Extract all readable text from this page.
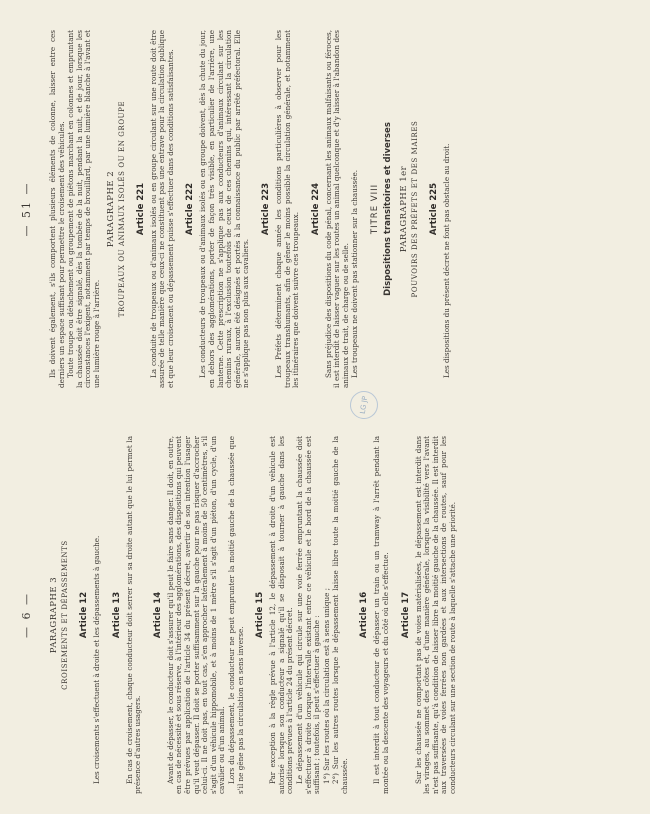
— 6 — PARAGRAPHE 3 CROISEMENTS ET DÉPASSEMENTS Article 12 Les croisements s'effectuent à droite et les dépassements à gauche. Article 13 En cas de croisement, chaque conducteur doit serrer sur sa droite autant que le lui permet la présence d'autres usagers.

Article 14 Avant de dépasser, le conducteur doit s'assurer qu'il peut le faire sans danger. Il doit, en outre, en cas de nécessité et sous réserve, à l'intérieur des agglomérations, des dispositions qui peuvent être prévues par application de l'article 34 du présent décret, avertir de son intention l'usager qu'il veut dépasser. Il doit se porter suffisamment sur la gauche pour ne pas risquer d'accrocher celui-ci. Il ne doit pas, en tout cas, s'en approcher latéralement à moins de 50 centimètres, s'il s'agit d'un véhicule hippomobile, et à moins de 1 mètre s'il s'agit d'un piéton, d'un cycle, d'un cavalier ou d'un animal. Lors du dépassement, le conducteur ne peut emprunter la moitié gauche de la chaussée que s'il ne gêne pas la circulation en sens inverse.

Article 15 Par exception à la règle prévue à l'article 12, le dépassement à droite d'un véhicule est autorisé lorsque son conducteur a signalé qu'il se disposait à tourner à gauche dans les conditions prévues à l'article 24 du présent décret. Le dépassement d'un véhicule qui circule sur une voie ferrée empruntant la chaussée doit s'effectuer à droite lorsque l'intervalle existant entre ce véhicule et le bord de la chaussée est suffisant ; toutefois, il peut s'effectuer à gauche : 1°) Sur les routes où la circulation est à sens unique ; 2°) Sur les autres routes lorsque le dépassement laisse libre toute la moitié gauche de la chaussée.

Article 16 Il est interdit à tout conducteur de dépasser un train ou un tramway à l'arrêt pendant la montée ou la descente des voyageurs et du côté où elle s'effectue. Article 17 Sur les chaussée ne comportant pas de voies matérialisées, le dépassement est interdit dans les virages, au sommet des côtes et, d'une manière générale, lorsque la visibilité vers l'avant n'est pas suffisante, qu'à condition de laisser libre la moitié gauche de la chaussée. Il est interdit aux traversées de voies ferrées non gardées et aux intersections de routes, sauf pour les conducteurs circulant sur une section de route à laquelle s'attache une priorité.

LG JP
— 51 — Ils doivent également, s'ils comportent plusieurs éléments de colonne, laisser entre ces derniers un espace suffisant pour permettre le croisement des véhicules. Toute troupe ou détachement ou groupement de piétons marchant en colonnes et empruntant la chaussée doit être signalé, dès la tombée de la nuit, pendant la nuit, et de jour, lorsque les circonstances l'exigent, notamment par temps de brouillard, par une lumière blanche à l'avant et une lumière rouge à l'arrière.

PARAGRAPHE 2 TROUPEAUX OU ANIMAUX ISOLÉS OU EN GROUPE Article 221 La conduite de troupeaux ou d'animaux isolés ou en groupe circulant sur une route doit être assurée de telle manière que ceux-ci ne constituent pas une entrave pour la circulation publique et que leur croisement ou dépassement puisse s'effectuer dans des conditions satisfaisantes. Article 222 Les conducteurs de troupeaux ou d'animaux isolés ou en groupe doivent, dès la chute du jour, en dehors des agglomérations, porter de façon très visible, en particulier de l'arrière, une lanterne. Cette prescription ne s'applique pas aux conducteurs d'animaux circulant sur les chemins ruraux, à l'exclusion toutefois de ceux de ces chemins qui, intéressant la circulation générale, auront été désignés et portés à la connaissance du public par arrêté préfectoral. Elle ne s'applique pas non plus aux cavaliers.

Article 223 Les Préfets déterminent chaque année les conditions particulières à observer pour les troupeaux transhumants, afin de gêner le moins possible la circulation générale, et notamment les itinéraires que doivent suivre ces troupeaux.

Article 224 Sans préjudice des dispositions du code pénal, concernant les animaux malfaisants ou féroces, il est interdit de laisser vaguer sur les routes un animal quelconque et d'y laisser à l'abandon des animaux de trait, de charge ou de selle. Les troupeaux ne doivent pas stationner sur la chaussée. TITRE VIII Dispositions transitoires et diverses PARAGRAPHE 1er POUVOIRS DES PRÉFETS ET DES MAIRES Article 225 Les dispositions du présent décret ne font pas obstacle au droit.
